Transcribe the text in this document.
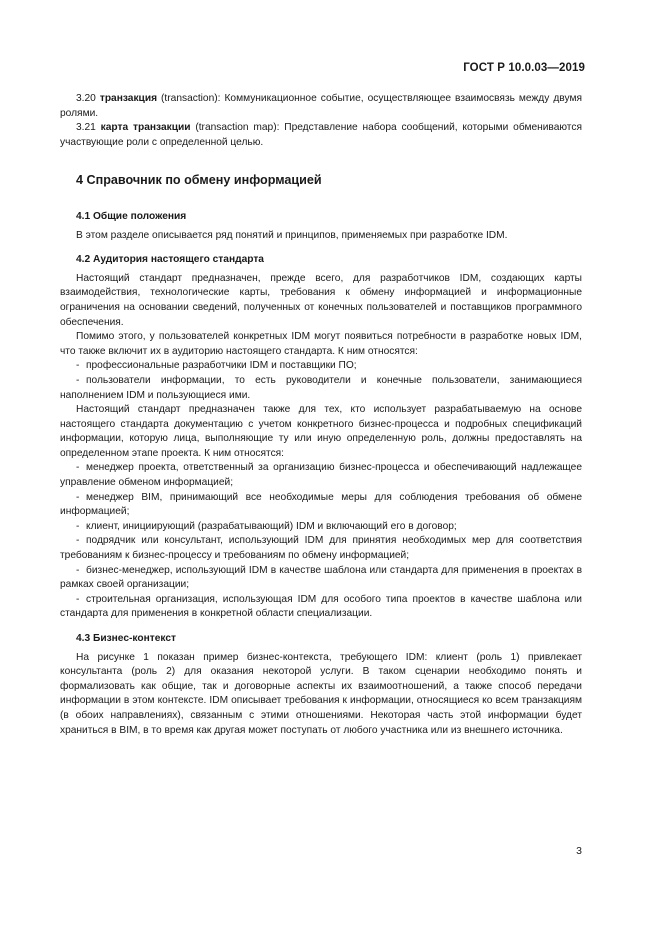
ГОСТ Р 10.0.03—2019

3.20 транзакция (transaction): Коммуникационное событие, осуществляющее взаимосвязь между двумя ролями.

3.21 карта транзакции (transaction map): Представление набора сообщений, которыми обмениваются участвующие роли с определенной целью.

4 Справочник по обмену информацией
4.1 Общие положения

В этом разделе описывается ряд понятий и принципов, применяемых при разработке IDM.

4.2 Аудитория настоящего стандарта

Настоящий стандарт предназначен, прежде всего, для разработчиков IDM, создающих карты взаимодействия, технологические карты, требования к обмену информацией и информационные ограничения на основании сведений, полученных от конечных пользователей и поставщиков программного обеспечения.

Помимо этого, у пользователей конкретных IDM могут появиться потребности в разработке новых IDM, что также включит их в аудиторию настоящего стандарта. К ним относятся:

- профессиональные разработчики IDM и поставщики ПО;

- пользователи информации, то есть руководители и конечные пользователи, занимающиеся наполнением IDM и пользующиеся ими.

Настоящий стандарт предназначен также для тех, кто использует разрабатываемую на основе настоящего стандарта документацию с учетом конкретного бизнес-процесса и подробных спецификаций информации, которую лица, выполняющие ту или иную определенную роль, должны предоставлять на определенном этапе проекта. К ним относятся:

- менеджер проекта, ответственный за организацию бизнес-процесса и обеспечивающий надлежащее управление обменом информацией;

- менеджер BIM, принимающий все необходимые меры для соблюдения требования об обмене информацией;

- клиент, инициирующий (разрабатывающий) IDM и включающий его в договор;

- подрядчик или консультант, использующий IDM для принятия необходимых мер для соответствия требованиям к бизнес-процессу и требованиям по обмену информацией;

- бизнес-менеджер, использующий IDM в качестве шаблона или стандарта для применения в проектах в рамках своей организации;

- строительная организация, использующая IDM для особого типа проектов в качестве шаблона или стандарта для применения в конкретной области специализации.

4.3 Бизнес-контекст

На рисунке 1 показан пример бизнес-контекста, требующего IDM: клиент (роль 1) привлекает консультанта (роль 2) для оказания некоторой услуги. В таком сценарии необходимо понять и формализовать как общие, так и договорные аспекты их взаимоотношений, а также способ передачи информации в этом контексте. IDM описывает требования к информации, относящиеся ко всем транзакциям (в обоих направлениях), связанным с этими отношениями. Некоторая часть этой информации будет храниться в BIM, в то время как другая может поступать от любого участника или из внешнего источника.

3
